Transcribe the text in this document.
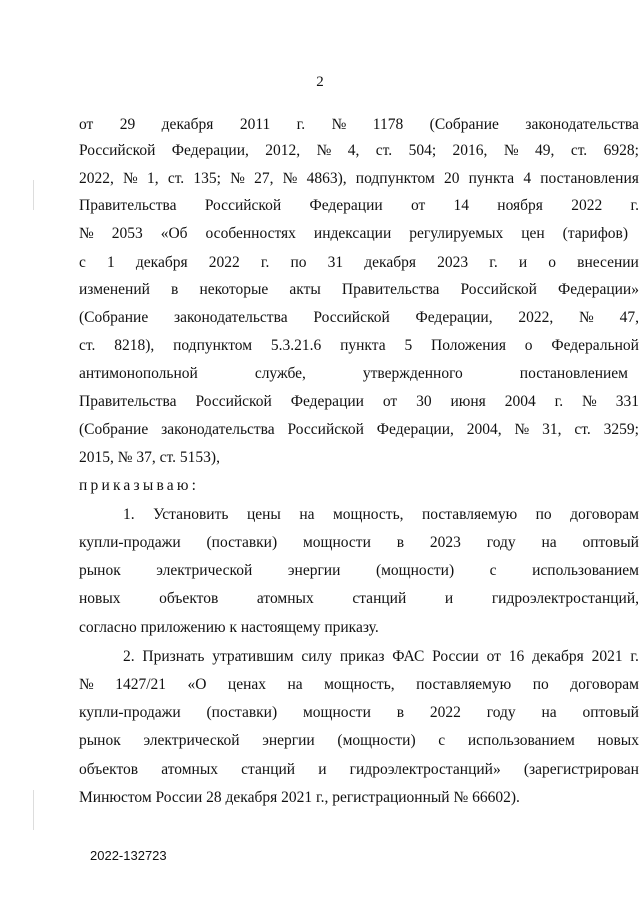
2
от 29 декабря 2011 г. № 1178 (Собрание законодательства
Российской Федерации, 2012, № 4, ст. 504; 2016, № 49, ст. 6928;
2022, № 1, ст. 135; № 27, № 4863), подпунктом 20 пункта 4 постановления
Правительства Российской Федерации от 14 ноября 2022 г.
№ 2053 «Об особенностях индексации регулируемых цен (тарифов)
с 1 декабря 2022 г. по 31 декабря 2023 г. и о внесении
изменений в некоторые акты Правительства Российской Федерации»
(Собрание законодательства Российской Федерации, 2022, № 47,
ст. 8218), подпунктом 5.3.21.6 пункта 5 Положения о Федеральной
антимонопольной	службе,	утвержденного	постановлением
Правительства Российской Федерации от 30 июня 2004 г. № 331
(Собрание законодательства Российской Федерации, 2004, № 31, ст. 3259;
2015, № 37, ст. 5153),
приказываю:
1. Установить цены на мощность, поставляемую по договорам
купли-продажи (поставки) мощности в 2023 году на оптовый
рынок электрической энергии (мощности) с использованием
новых объектов атомных станций и гидроэлектростанций,
согласно приложению к настоящему приказу.
2. Признать утратившим силу приказ ФАС России от 16 декабря 2021 г.
№ 1427/21 «О ценах на мощность, поставляемую по договорам
купли-продажи (поставки) мощности в 2022 году на оптовый
рынок электрической энергии (мощности) с использованием новых
объектов атомных станций и гидроэлектростанций» (зарегистрирован
Минюстом России 28 декабря 2021 г., регистрационный № 66602).
2022-132723
